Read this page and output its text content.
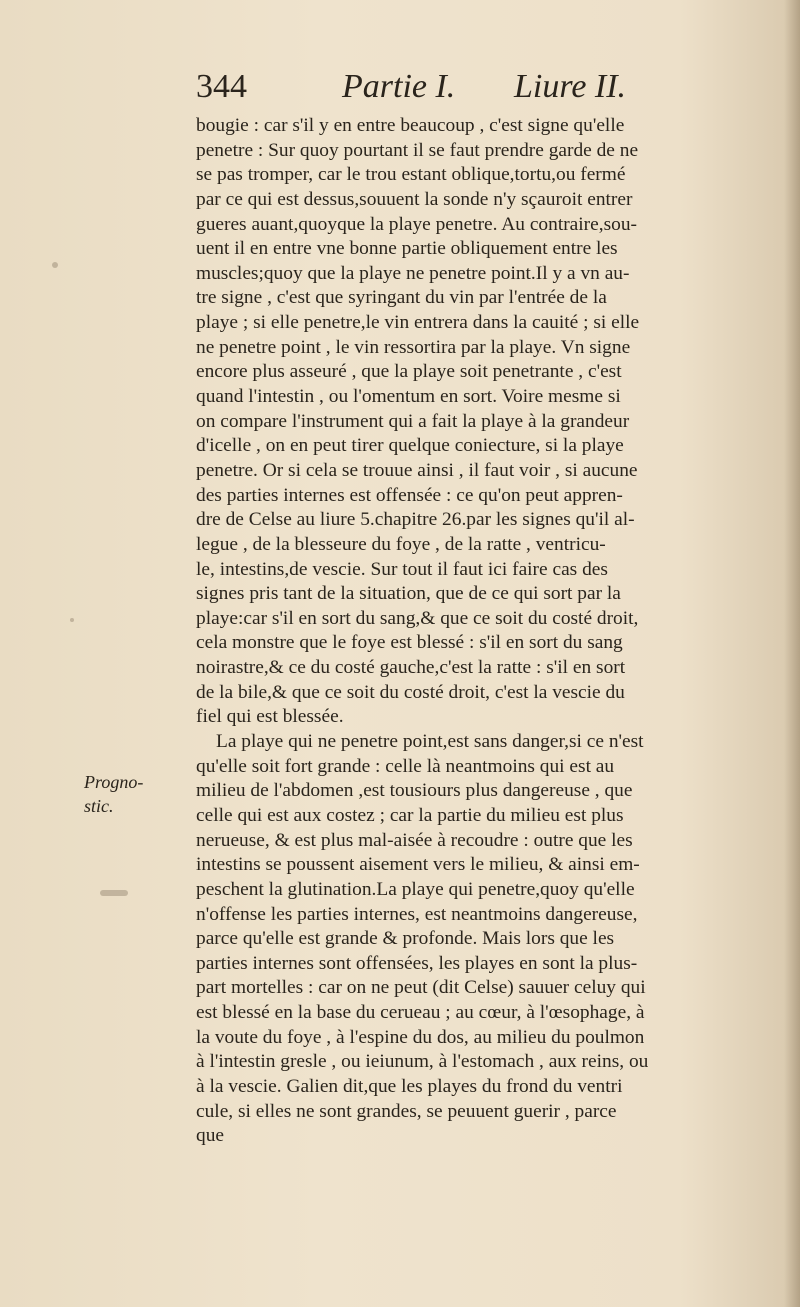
344	Partie I. Liure II.
Progno-
stic.
bougie : car s'il y en entre beaucoup , c'est signe qu'elle
penetre : Sur quoy pourtant il se faut prendre garde de ne
se pas tromper, car le trou estant oblique,tortu,ou fermé
par ce qui est dessus,souuent la sonde n'y sçauroit entrer
gueres auant,quoyque la playe penetre. Au contraire,sou-
uent il en entre vne bonne partie obliquement entre les
muscles;quoy que la playe ne penetre point.Il y a vn au-
tre signe , c'est que syringant du vin par l'entrée de la
playe ; si elle penetre,le vin entrera dans la cauité ; si elle
ne penetre point , le vin ressortira par la playe. Vn signe
encore plus asseuré , que la playe soit penetrante , c'est
quand l'intestin , ou l'omentum en sort. Voire mesme si
on compare l'instrument qui a fait la playe à la grandeur
d'icelle , on en peut tirer quelque coniecture, si la playe
penetre. Or si cela se trouue ainsi , il faut voir , si aucune
des parties internes est offensée : ce qu'on peut appren-
dre de Celse au liure 5.chapitre 26.par les signes qu'il al-
legue , de la blesseure du foye , de la ratte , ventricu-
le, intestins,de vescie. Sur tout il faut ici faire cas des
signes pris tant de la situation, que de ce qui sort par la
playe:car s'il en sort du sang,& que ce soit du costé droit,
cela monstre que le foye est blessé : s'il en sort du sang
noirastre,& ce du costé gauche,c'est la ratte : s'il en sort
de la bile,& que ce soit du costé droit, c'est la vescie du
fiel qui est blessée.
La playe qui ne penetre point,est sans danger,si ce n'est
qu'elle soit fort grande : celle là neantmoins qui est au
milieu de l'abdomen ,est tousiours plus dangereuse , que
celle qui est aux costez ; car la partie du milieu est plus
nerueuse, & est plus mal-aisée à recoudre : outre que les
intestins se poussent aisement vers le milieu, & ainsi em-
peschent la glutination.La playe qui penetre,quoy qu'elle
n'offense les parties internes, est neantmoins dangereuse,
parce qu'elle est grande & profonde. Mais lors que les
parties internes sont offensées, les playes en sont la plus-
part mortelles : car on ne peut (dit Celse) sauuer celuy qui
est blessé en la base du cerueau ; au cœur, à l'œsophage, à
la voute du foye , à l'espine du dos, au milieu du poulmon
à l'intestin gresle , ou ieiunum, à l'estomach , aux reins, ou
à la vescie. Galien dit,que les playes du frond du ventri
cule, si elles ne sont grandes, se peuuent guerir , parce
que
